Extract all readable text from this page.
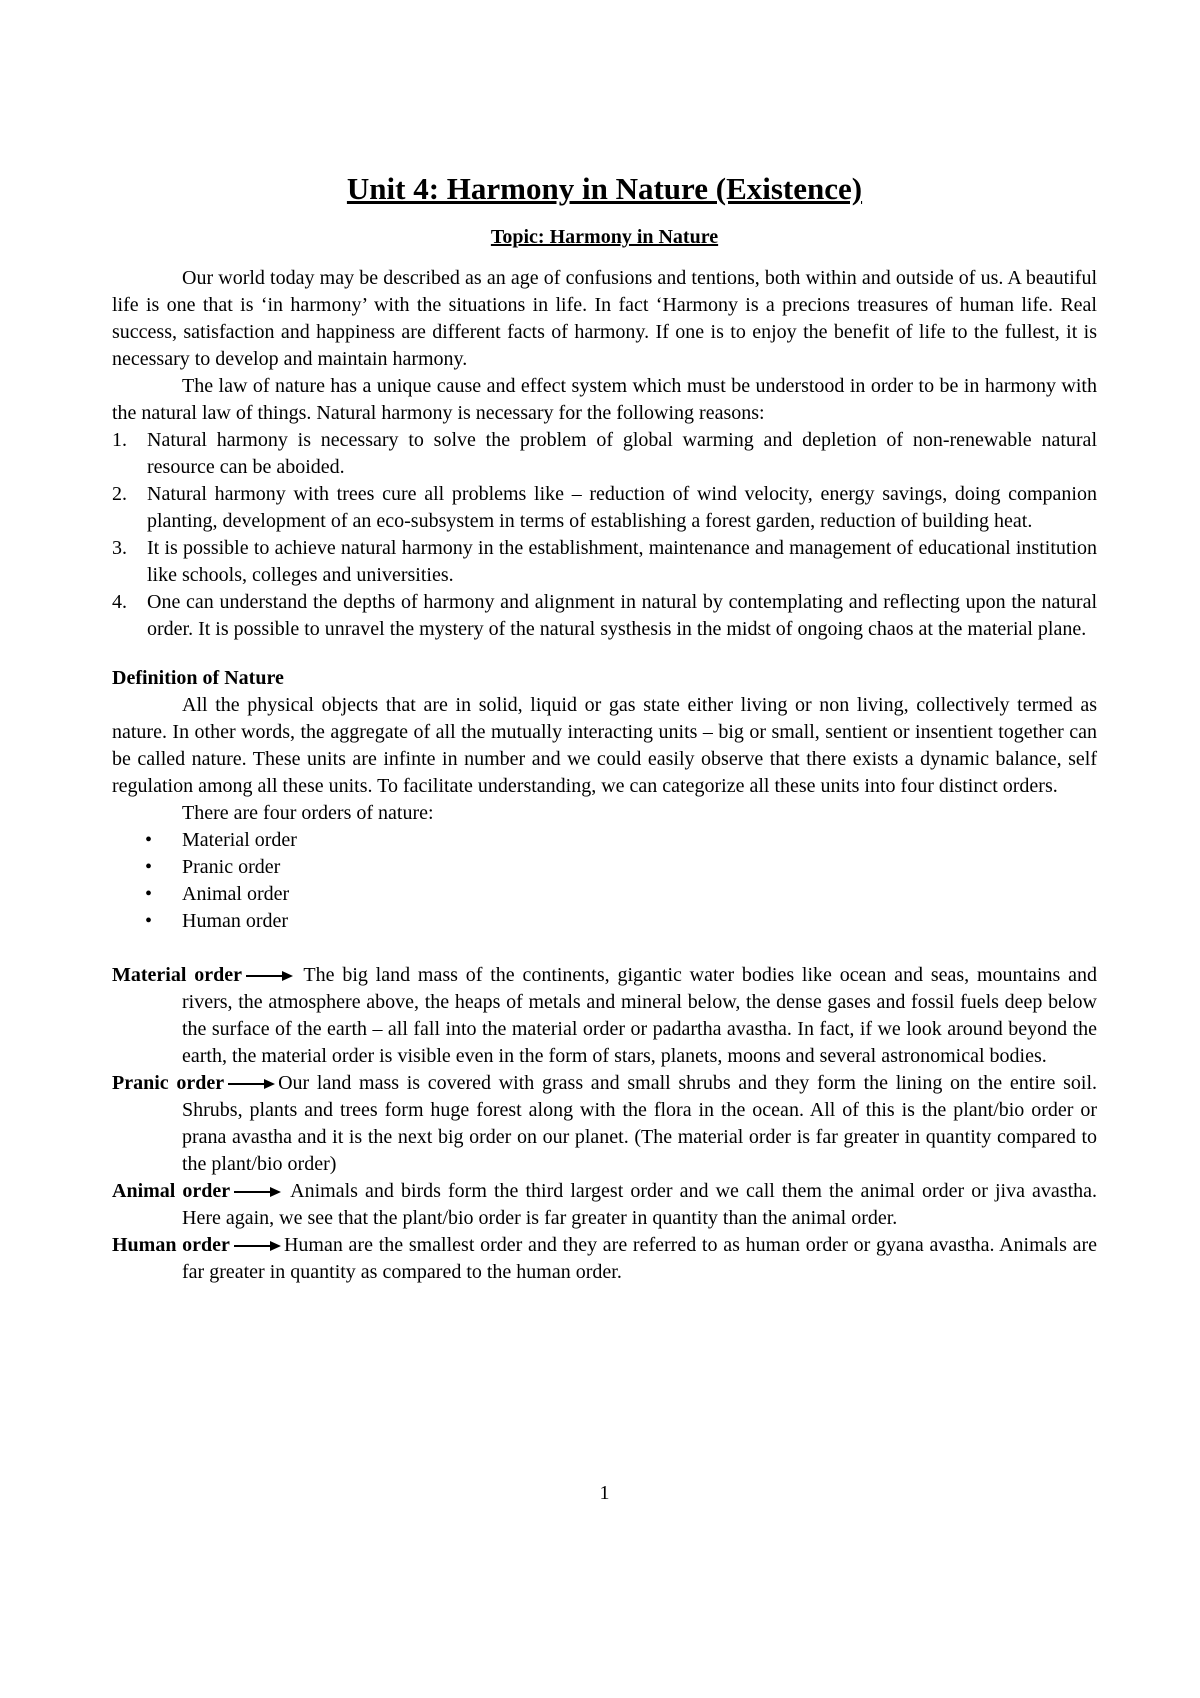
Unit 4: Harmony in Nature (Existence)
Topic: Harmony in Nature

Our world today may be described as an age of confusions and tentions, both within and outside of us. A beautiful life is one that is ‘in harmony’ with the situations in life. In fact ‘Harmony is a precions treasures of human life. Real success, satisfaction and happiness are different facts of harmony. If one is to enjoy the benefit of life to the fullest, it is necessary to develop and maintain harmony.

The law of nature has a unique cause and effect system which must be understood in order to be in harmony with the natural law of things. Natural harmony is necessary for the following reasons:

1. Natural harmony is necessary to solve the problem of global warming and depletion of non-renewable natural resource can be aboided.
2. Natural harmony with trees cure all problems like – reduction of wind velocity, energy savings, doing companion planting, development of an eco-subsystem in terms of establishing a forest garden, reduction of building heat.
3. It is possible to achieve natural harmony in the establishment, maintenance and management of educational institution like schools, colleges and universities.
4. One can understand the depths of harmony and alignment in natural by contemplating and reflecting upon the natural order. It is possible to unravel the mystery of the natural systhesis in the midst of ongoing chaos at the material plane.
Definition of Nature

All the physical objects that are in solid, liquid or gas state either living or non living, collectively termed as nature. In other words, the aggregate of all the mutually interacting units – big or small, sentient or insentient together can be called nature. These units are infinte in number and we could easily observe that there exists a dynamic balance, self regulation among all these units. To facilitate understanding, we can categorize all these units into four distinct orders.

There are four orders of nature:

• Material order
• Pranic order
• Animal order
• Human order
Material order	The big land mass of the continents, gigantic water bodies like ocean and seas, mountains and rivers, the atmosphere above, the heaps of metals and mineral below, the dense gases and fossil fuels deep below the surface of the earth – all fall into the material order or padartha avastha. In fact, if we look around beyond the earth, the material order is visible even in the form of stars, planets, moons and several astronomical bodies.
Pranic order	Our land mass is covered with grass and small shrubs and they form the lining on the entire soil. Shrubs, plants and trees form huge forest along with the flora in the ocean. All of this is the plant/bio order or prana avastha and it is the next big order on our planet. (The material order is far greater in quantity compared to the plant/bio order)
Animal order	Animals and birds form the third largest order and we call them the animal order or jiva avastha. Here again, we see that the plant/bio order is far greater in quantity than the animal order.
Human order	Human are the smallest order and they are referred to as human order or gyana avastha. Animals are far greater in quantity as compared to the human order.
1
